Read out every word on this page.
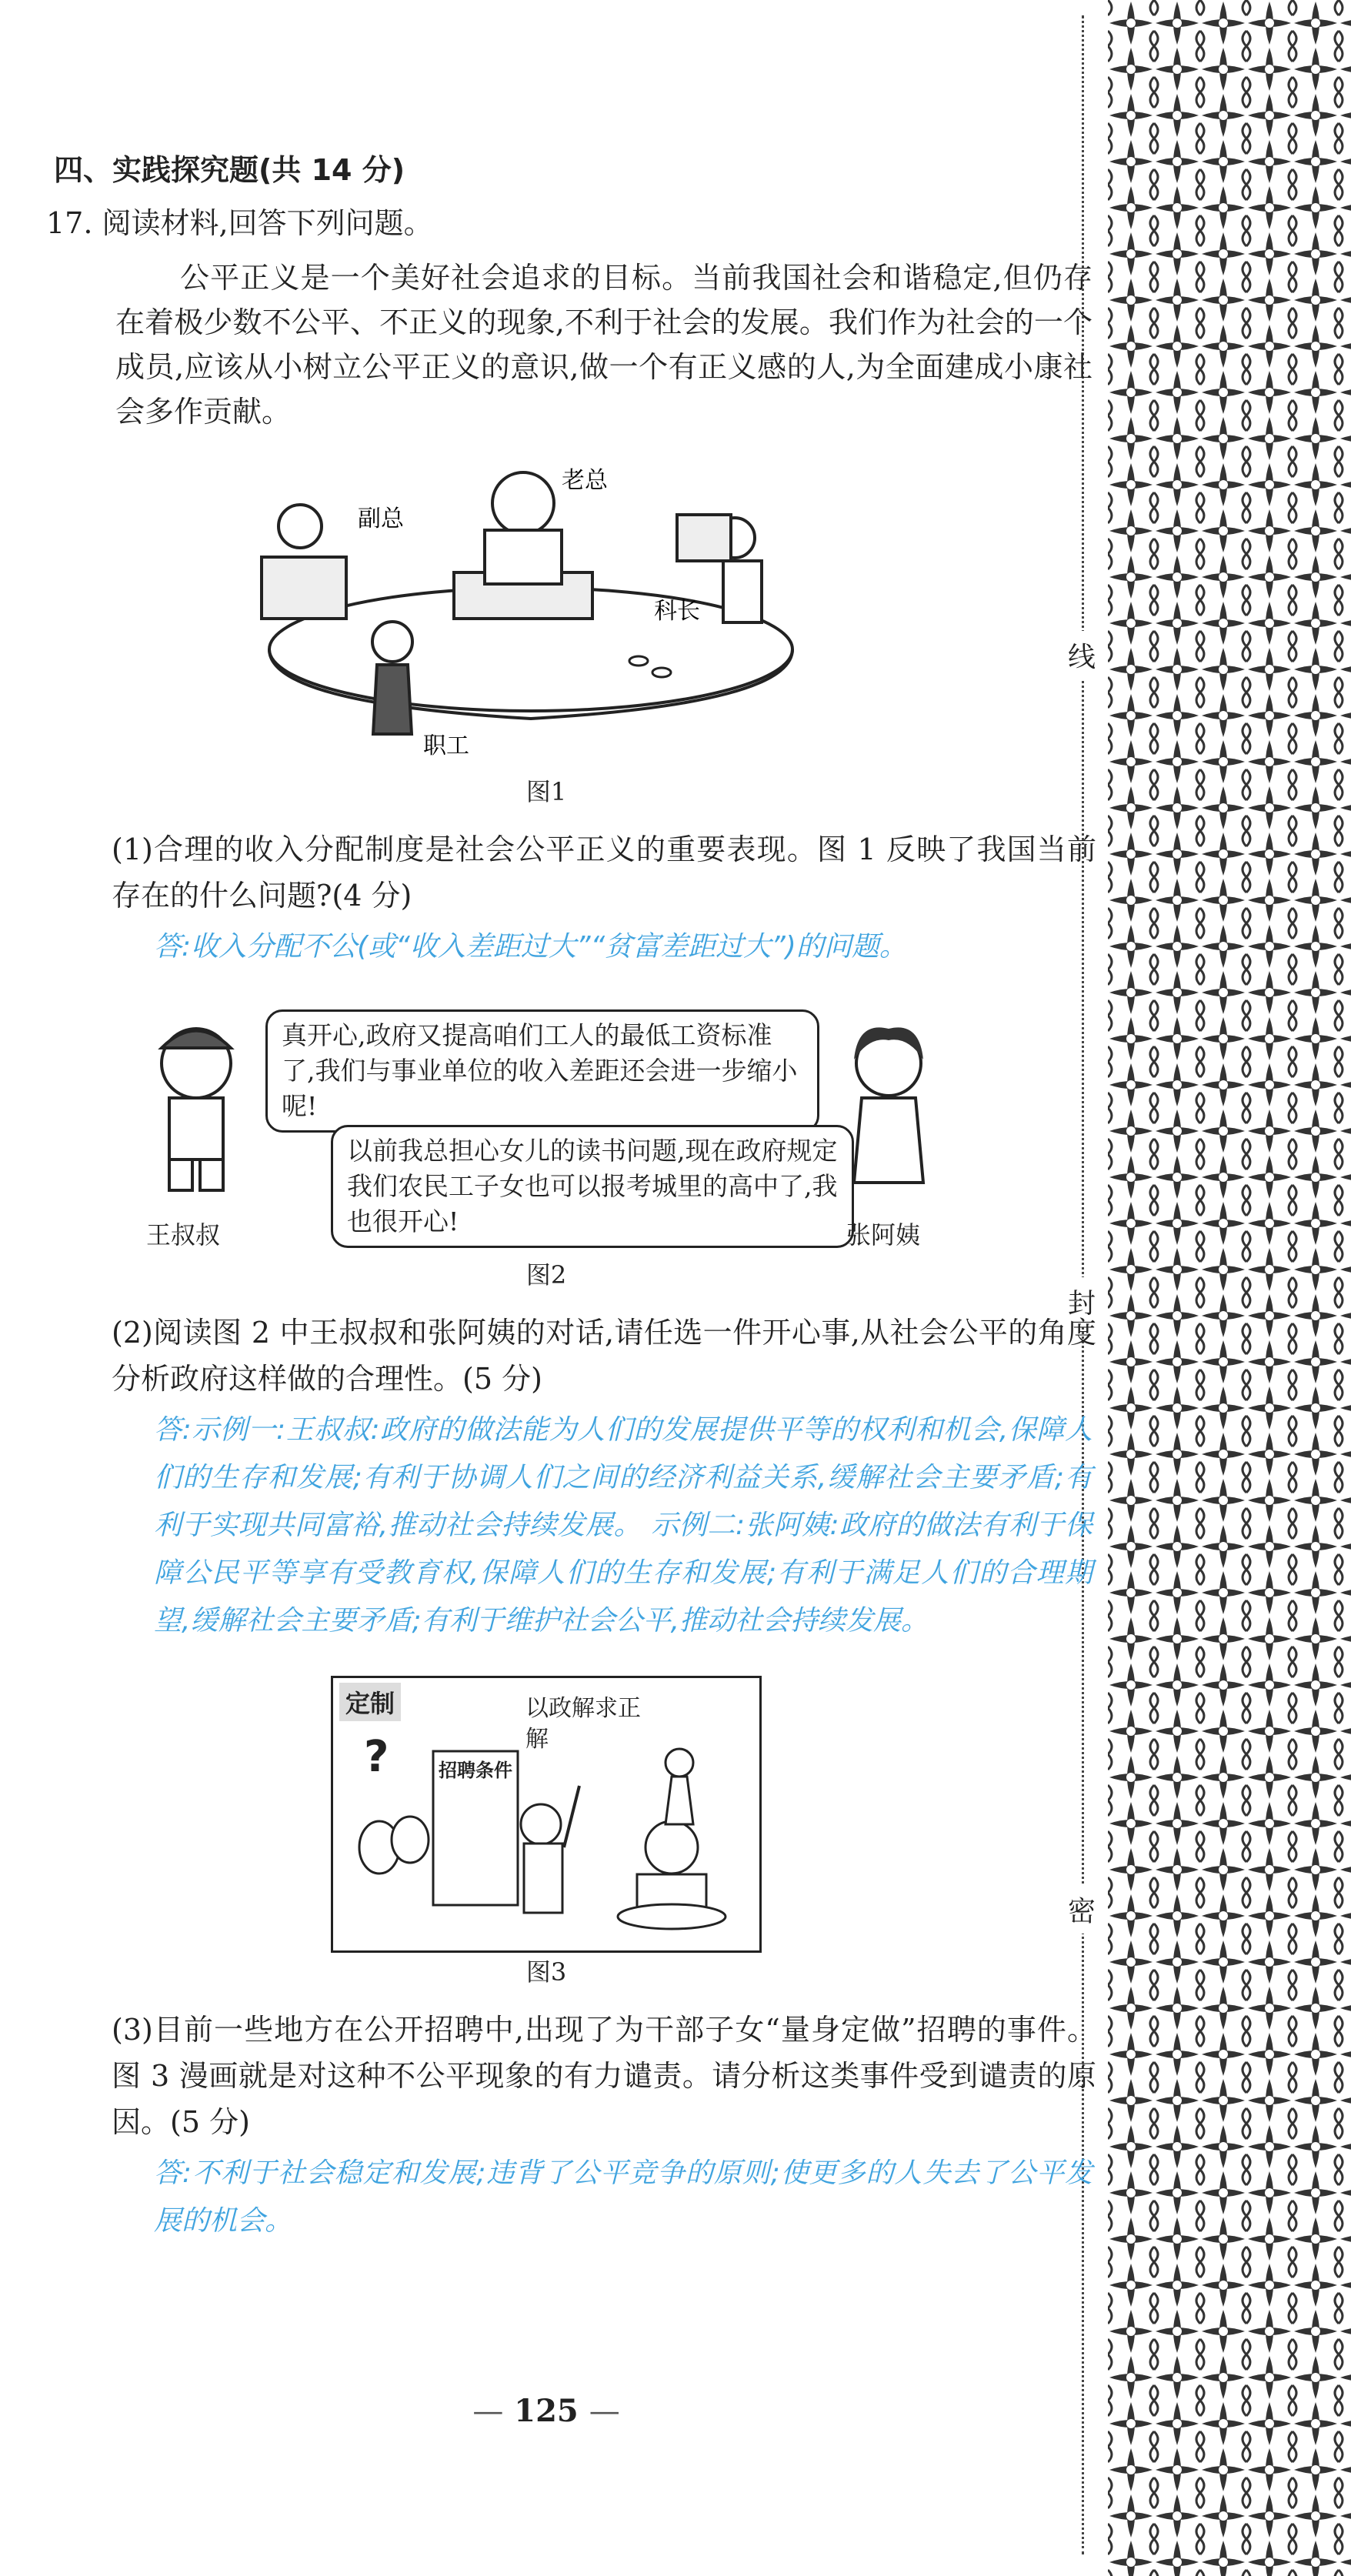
线
封
密
四、实践探究题(共 14 分)
17. 阅读材料,回答下列问题。

公平正义是一个美好社会追求的目标。当前我国社会和谐稳定,但仍存在着极少数不公平、不正义的现象,不利于社会的发展。我们作为社会的一个成员,应该从小树立公平正义的意识,做一个有正义感的人,为全面建成小康社会多作贡献。

老总
副总
科长
职工
图1
(1)合理的收入分配制度是社会公平正义的重要表现。图 1 反映了我国当前存在的什么问题?(4 分)
答:收入分配不公(或“收入差距过大”“贫富差距过大”)的问题。
王叔叔
真开心,政府又提高咱们工人的最低工资标准了,我们与事业单位的收入差距还会进一步缩小呢!
以前我总担心女儿的读书问题,现在政府规定我们农民工子女也可以报考城里的高中了,我也很开心!	张阿姨
图2
(2)阅读图 2 中王叔叔和张阿姨的对话,请任选一件开心事,从社会公平的角度分析政府这样做的合理性。(5 分)
答:示例一:王叔叔:政府的做法能为人们的发展提供平等的权利和机会,保障人们的生存和发展;有利于协调人们之间的经济利益关系,缓解社会主要矛盾;有利于实现共同富裕,推动社会持续发展。 示例二:张阿姨:政府的做法有利于保障公民平等享有受教育权,保障人们的生存和发展;有利于满足人们的合理期望,缓解社会主要矛盾;有利于维护社会公平,推动社会持续发展。
定制	以政解求正解
?	招聘条件
图3
(3)目前一些地方在公开招聘中,出现了为干部子女“量身定做”招聘的事件。图 3 漫画就是对这种不公平现象的有力谴责。请分析这类事件受到谴责的原因。(5 分)
答:不利于社会稳定和发展;违背了公平竞争的原则;使更多的人失去了公平发展的机会。
— 125 —
